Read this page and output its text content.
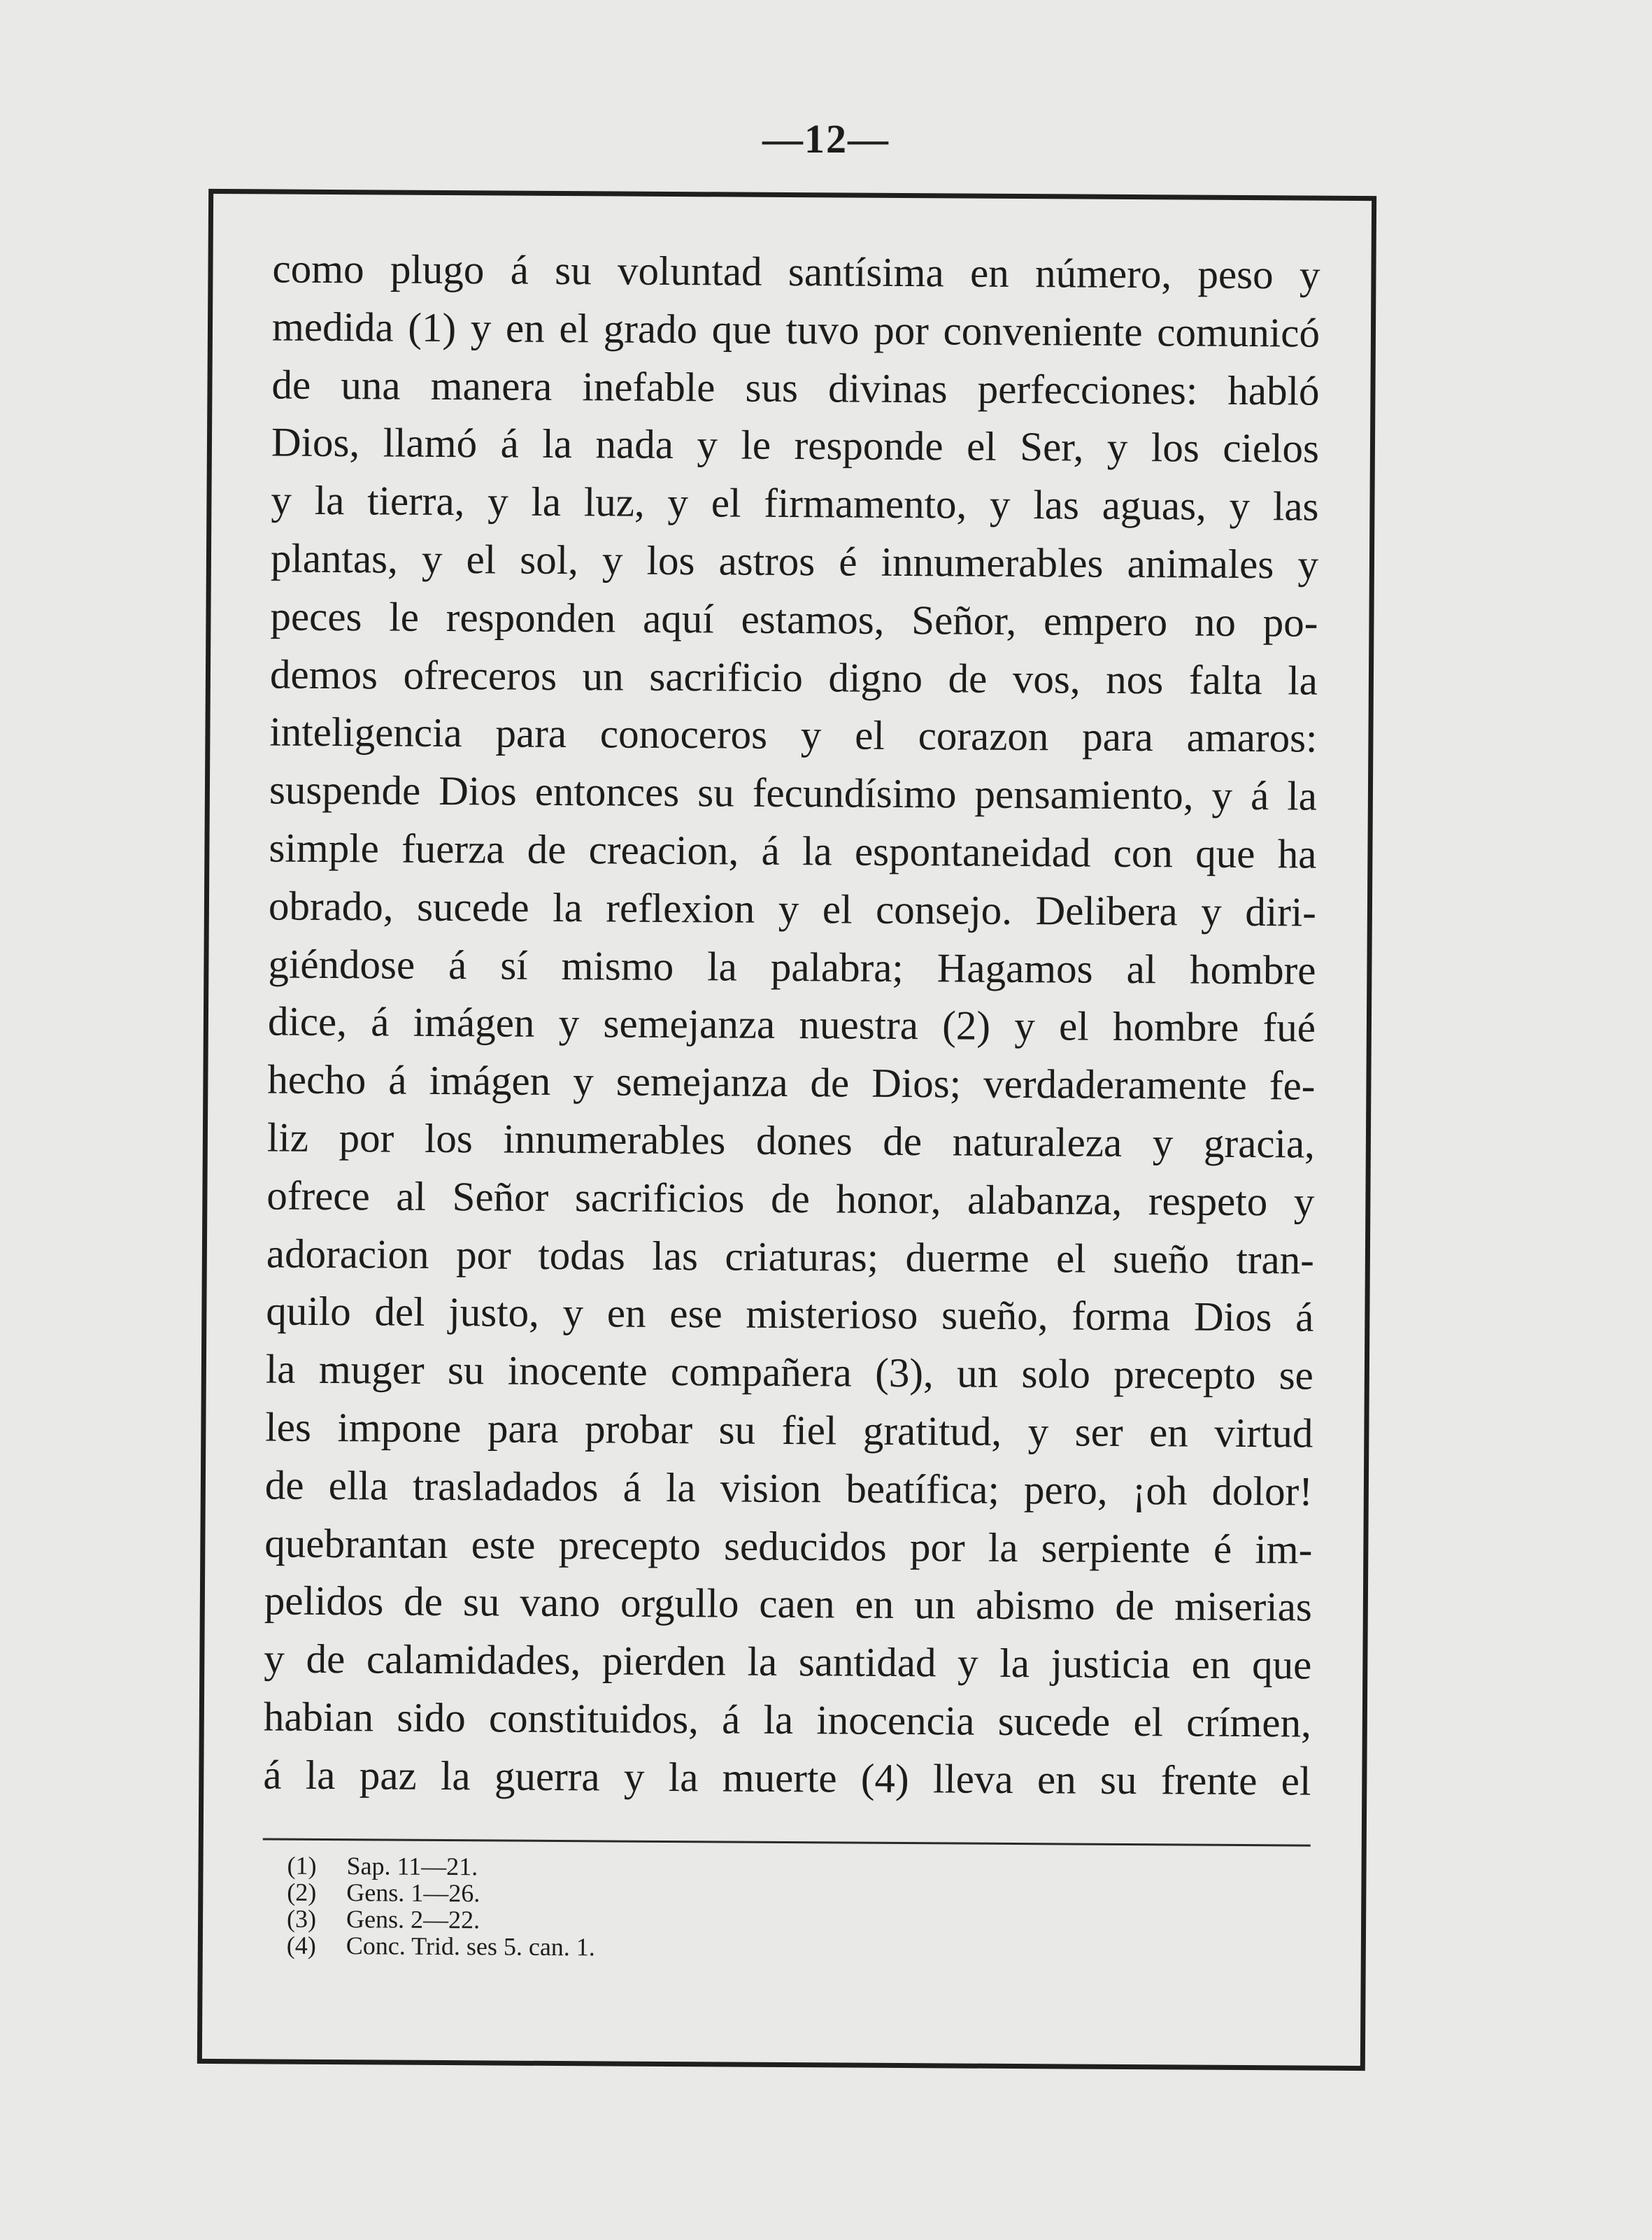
—12—
como plugo á su voluntad santísima en número, peso y
medida (1) y en el grado que tuvo por conveniente comunicó
de una manera inefable sus divinas perfecciones: habló
Dios, llamó á la nada y le responde el Ser, y los cielos
y la tierra, y la luz, y el firmamento, y las aguas, y las
plantas, y el sol, y los astros é innumerables animales y
peces le responden aquí estamos, Señor, empero no po-
demos ofreceros un sacrificio digno de vos, nos falta la
inteligencia para conoceros y el corazon para amaros:
suspende Dios entonces su fecundísimo pensamiento, y á la
simple fuerza de creacion, á la espontaneidad con que ha
obrado, sucede la reflexion y el consejo. Delibera y diri-
giéndose á sí mismo la palabra; Hagamos al hombre
dice, á imágen y semejanza nuestra (2) y el hombre fué
hecho á imágen y semejanza de Dios; verdaderamente fe-
liz por los innumerables dones de naturaleza y gracia,
ofrece al Señor sacrificios de honor, alabanza, respeto y
adoracion por todas las criaturas; duerme el sueño tran-
quilo del justo, y en ese misterioso sueño, forma Dios á
la muger su inocente compañera (3), un solo precepto se
les impone para probar su fiel gratitud, y ser en virtud
de ella trasladados á la vision beatífica; pero, ¡oh dolor!
quebrantan este precepto seducidos por la serpiente é im-
pelidos de su vano orgullo caen en un abismo de miserias
y de calamidades, pierden la santidad y la justicia en que
habian sido constituidos, á la inocencia sucede el crímen,
á la paz la guerra y la muerte (4) lleva en su frente el
(1) Sap. 11—21.
(2) Gens. 1—26.
(3) Gens. 2—22.
(4) Conc. Trid. ses 5. can. 1.
